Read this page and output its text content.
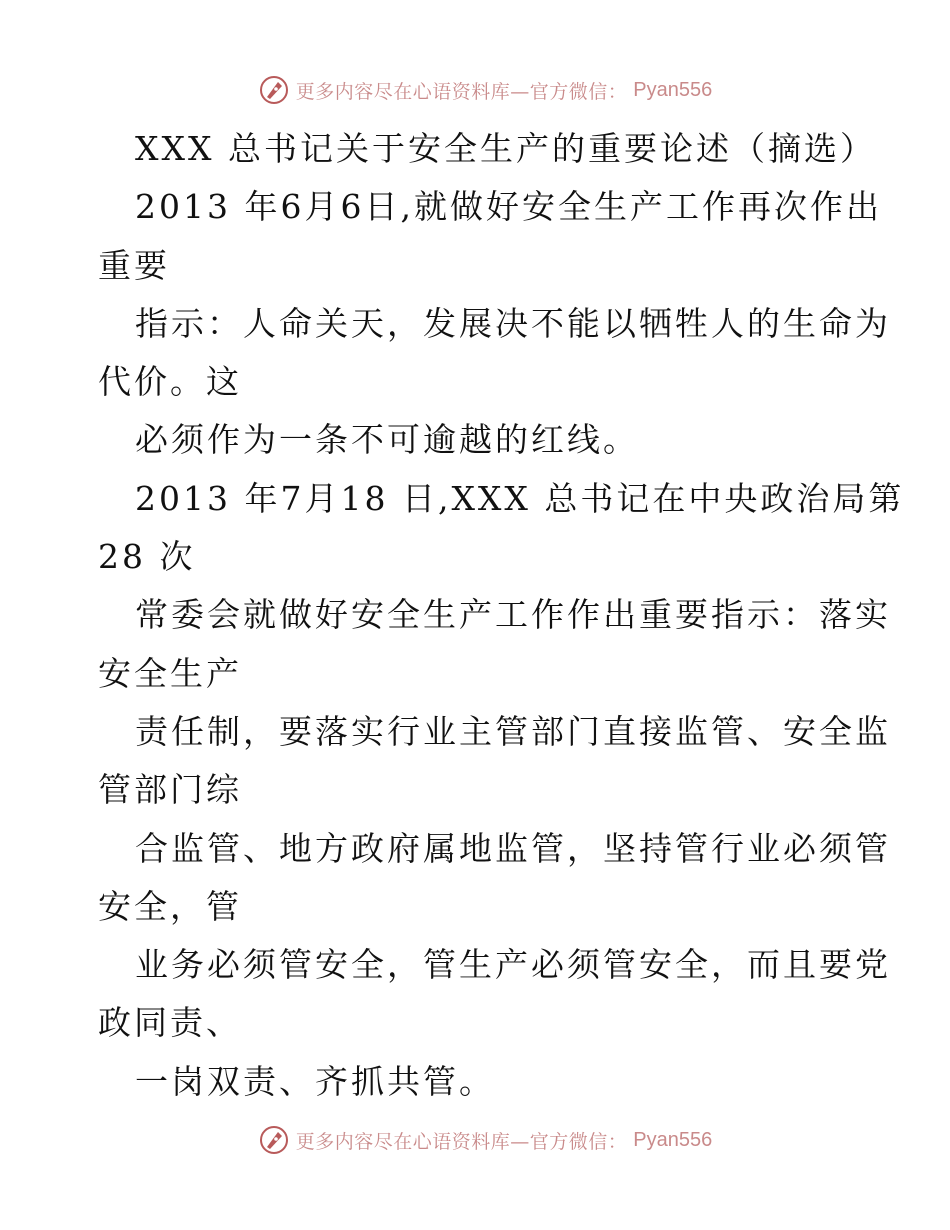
更多内容尽在心语资料库—官方微信： Pyan556
XXX 总书记关于安全生产的重要论述（摘选）
2013 年6月6日,就做好安全生产工作再次作出
重要
指示：人命关天，发展决不能以牺牲人的生命为
代价。这
必须作为一条不可逾越的红线。
2013 年7月18 日,XXX 总书记在中央政治局第
28 次
常委会就做好安全生产工作作出重要指示：落实
安全生产
责任制，要落实行业主管部门直接监管、安全监
管部门综
合监管、地方政府属地监管，坚持管行业必须管
安全，管
业务必须管安全，管生产必须管安全，而且要党
政同责、
一岗双责、齐抓共管。
更多内容尽在心语资料库—官方微信： Pyan556
